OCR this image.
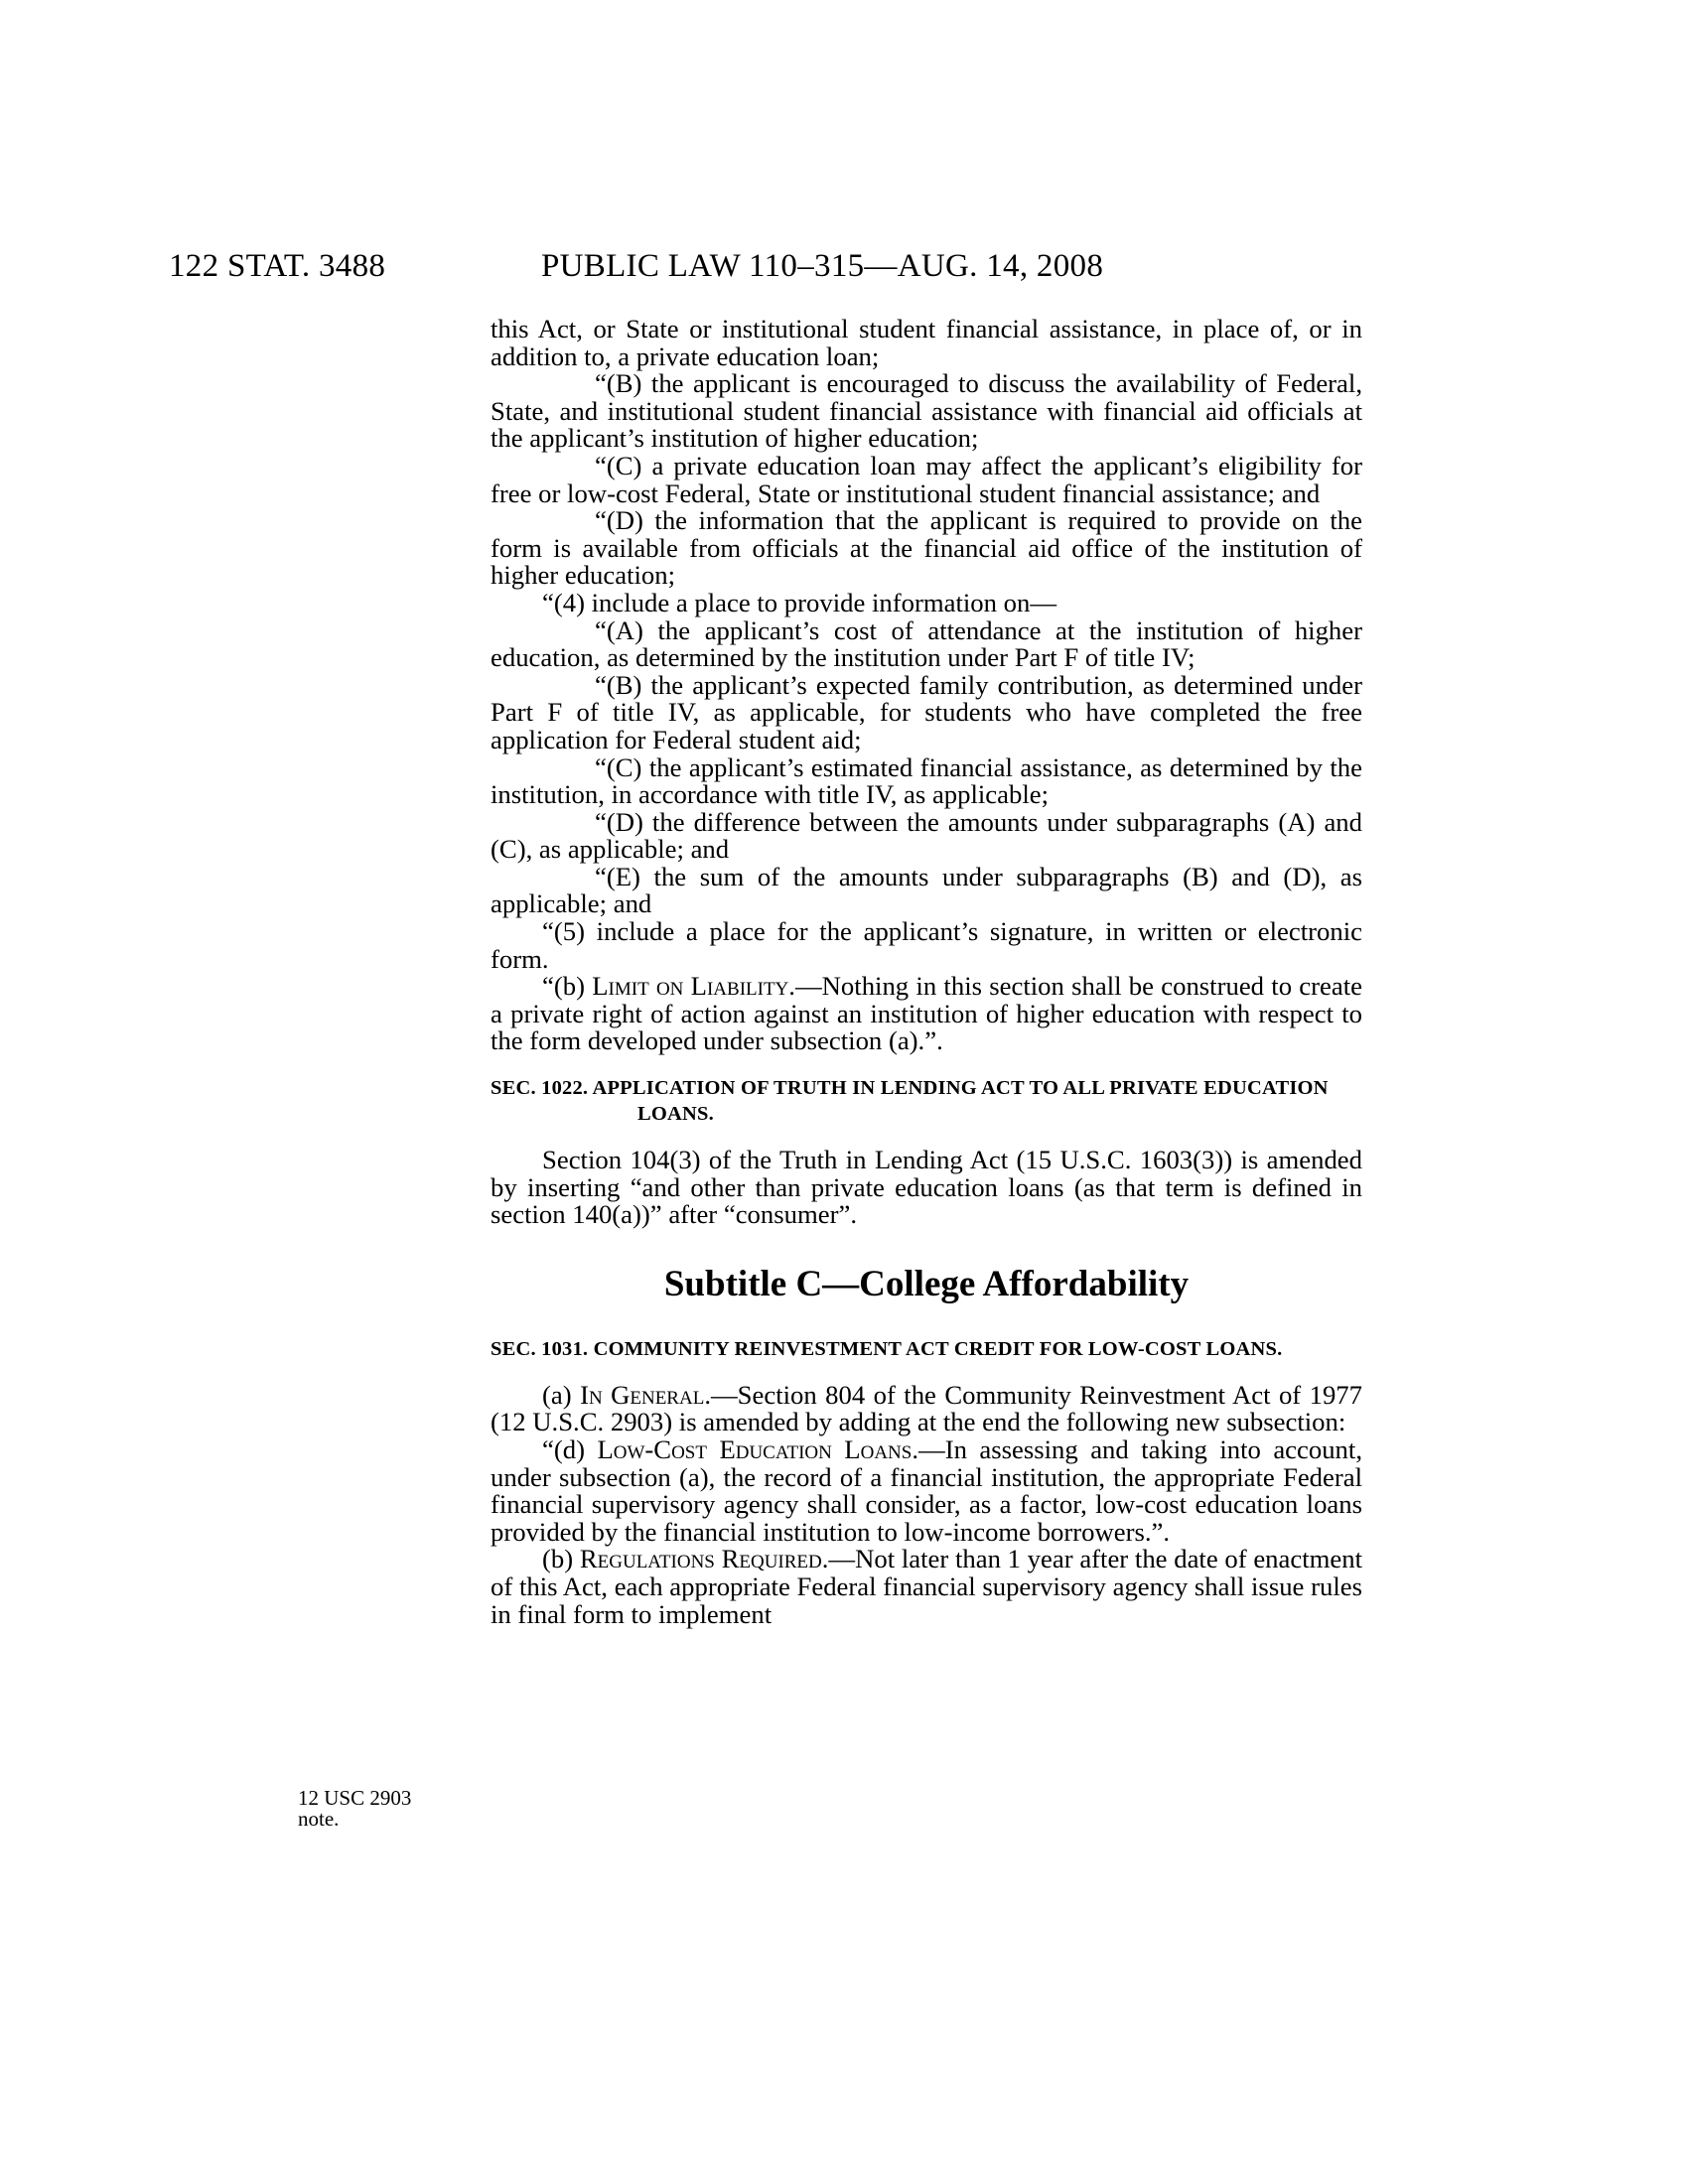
122 STAT. 3488	PUBLIC LAW 110–315—AUG. 14, 2008
12 USC 2903
note.

this Act, or State or institutional student financial assistance, in place of, or in addition to, a private education loan;

“(B) the applicant is encouraged to discuss the availability of Federal, State, and institutional student financial assistance with financial aid officials at the applicant’s institution of higher education;

“(C) a private education loan may affect the applicant’s eligibility for free or low-cost Federal, State or institutional student financial assistance; and

“(D) the information that the applicant is required to provide on the form is available from officials at the financial aid office of the institution of higher education;

“(4) include a place to provide information on—

“(A) the applicant’s cost of attendance at the institution of higher education, as determined by the institution under Part F of title IV;

“(B) the applicant’s expected family contribution, as determined under Part F of title IV, as applicable, for students who have completed the free application for Federal student aid;

“(C) the applicant’s estimated financial assistance, as determined by the institution, in accordance with title IV, as applicable;

“(D) the difference between the amounts under subparagraphs (A) and (C), as applicable; and

“(E) the sum of the amounts under subparagraphs (B) and (D), as applicable; and

“(5) include a place for the applicant’s signature, in written or electronic form.

“(b) Limit on Liability.—Nothing in this section shall be construed to create a private right of action against an institution of higher education with respect to the form developed under subsection (a).”.

SEC. 1022. APPLICATION OF TRUTH IN LENDING ACT TO ALL PRIVATE EDUCATION LOANS.

Section 104(3) of the Truth in Lending Act (15 U.S.C. 1603(3)) is amended by inserting “and other than private education loans (as that term is defined in section 140(a))” after “consumer”.

Subtitle C—College Affordability

SEC. 1031. COMMUNITY REINVESTMENT ACT CREDIT FOR LOW-COST LOANS.

(a) In General.—Section 804 of the Community Reinvestment Act of 1977 (12 U.S.C. 2903) is amended by adding at the end the following new subsection:

“(d) Low-Cost Education Loans.—In assessing and taking into account, under subsection (a), the record of a financial institution, the appropriate Federal financial supervisory agency shall consider, as a factor, low-cost education loans provided by the financial institution to low-income borrowers.”.

(b) Regulations Required.—Not later than 1 year after the date of enactment of this Act, each appropriate Federal financial supervisory agency shall issue rules in final form to implement
